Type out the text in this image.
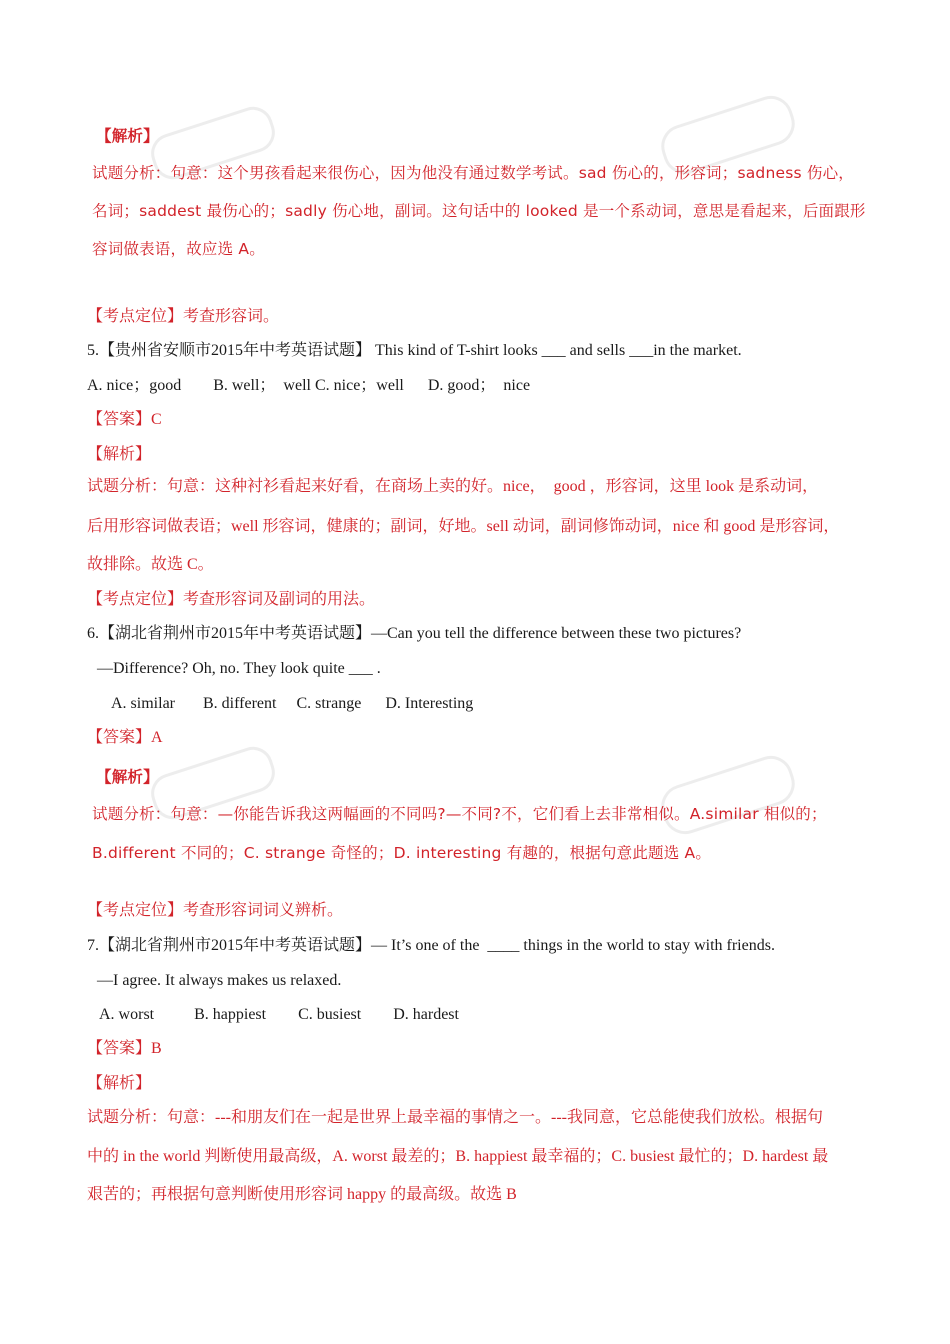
【解析】
试题分析：句意：这个男孩看起来很伤心，因为他没有通过数学考试。sad 伤心的，形容词；sadness 伤心，
名词；saddest 最伤心的；sadly 伤心地，副词。这句话中的 looked 是一个系动词，意思是看起来，后面跟形
容词做表语，故应选 A。
【考点定位】考查形容词。
5.【贵州省安顺市2015年中考英语试题】 This kind of T-shirt looks ___ and sells ___in the market.
A. nice；good        B. well；  well C. nice；well      D. good；  nice
【答案】C
【解析】
试题分析：句意：这种衬衫看起来好看，在商场上卖的好。nice，  good ，形容词，这里 look 是系动词，
后用形容词做表语；well 形容词，健康的；副词，好地。sell 动词，副词修饰动词，nice 和 good 是形容词，
故排除。故选 C。
【考点定位】考查形容词及副词的用法。
6.【湖北省荆州市2015年中考英语试题】—Can you tell the difference between these two pictures?
—Difference? Oh, no. They look quite ___ .
A. similar       B. different     C. strange      D. Interesting
【答案】A
【解析】
试题分析：句意：—你能告诉我这两幅画的不同吗?—不同?不，它们看上去非常相似。A.similar 相似的；
B.different 不同的；C. strange 奇怪的；D. interesting 有趣的，根据句意此题选 A。
【考点定位】考查形容词词义辨析。
7.【湖北省荆州市2015年中考英语试题】— It’s one of the  ____ things in the world to stay with friends.
—I agree. It always makes us relaxed.
A. worst          B. happiest        C. busiest        D. hardest
【答案】B
【解析】
试题分析：句意：---和朋友们在一起是世界上最幸福的事情之一。---我同意，它总能使我们放松。根据句
中的 in the world 判断使用最高级，A. worst 最差的；B. happiest 最幸福的；C. busiest 最忙的；D. hardest 最
艰苦的；再根据句意判断使用形容词 happy 的最高级。故选 B
